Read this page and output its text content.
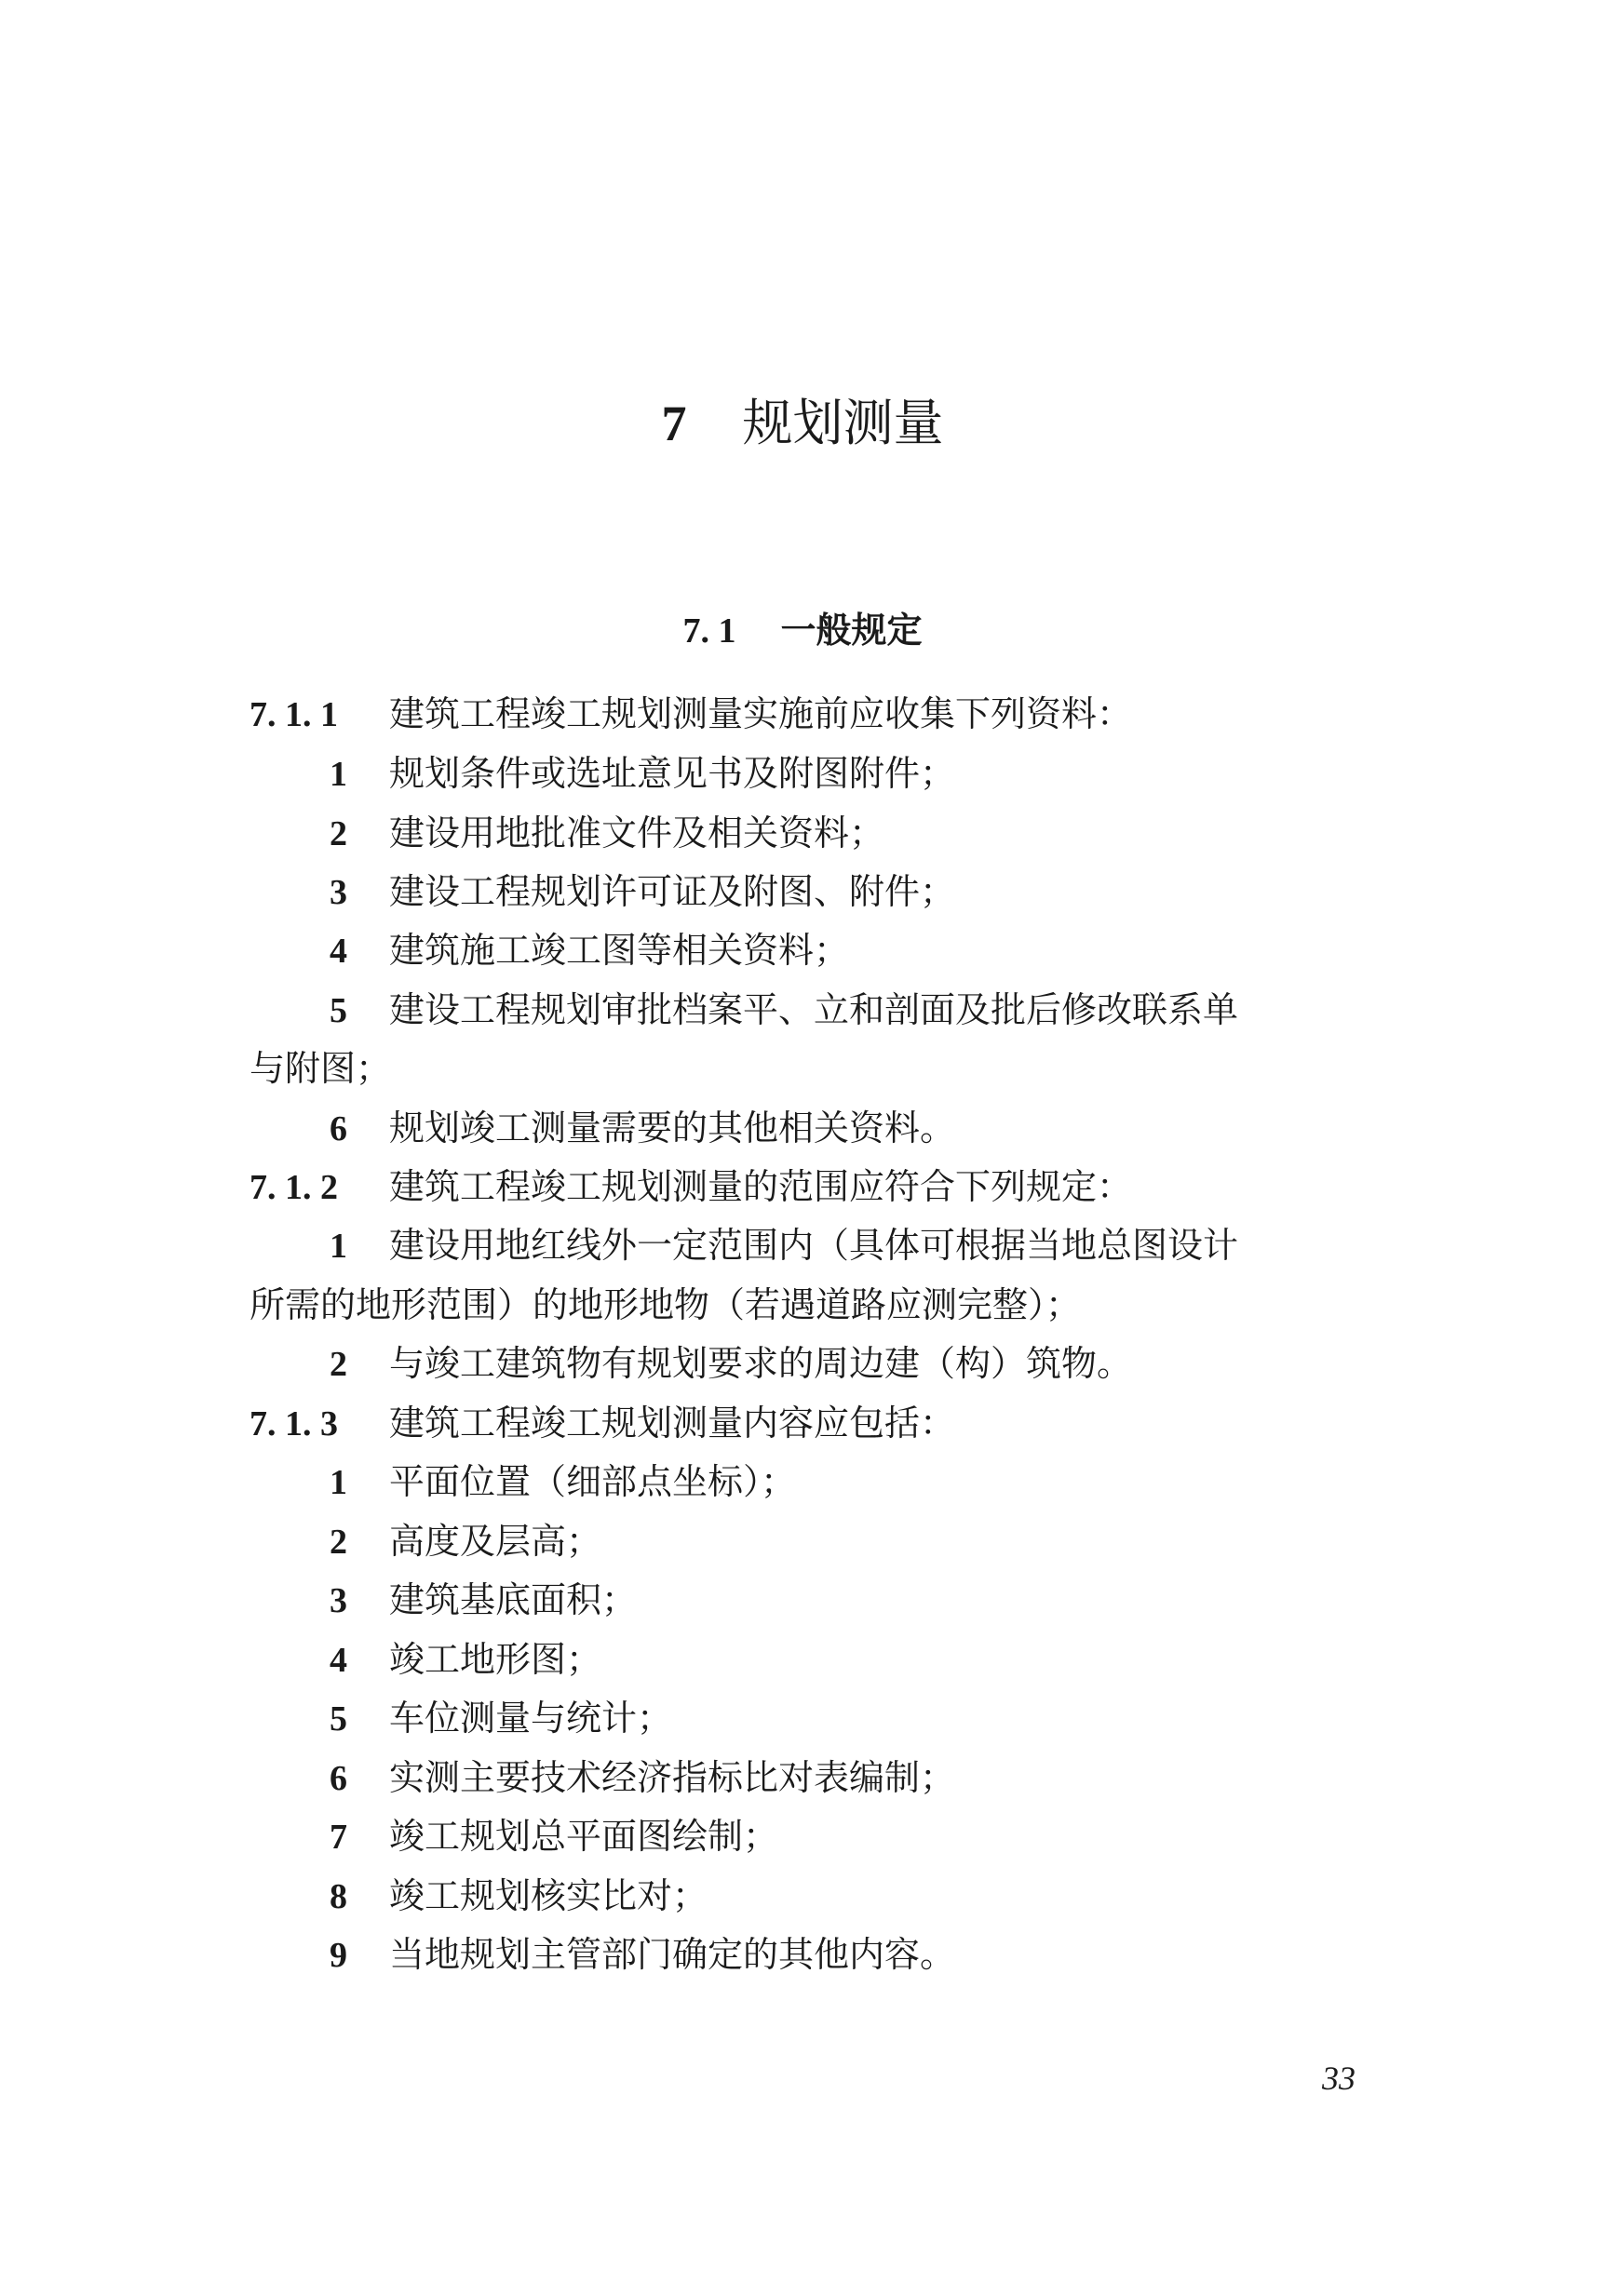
7 规划测量
7. 1 一般规定
7. 1. 1 建筑工程竣工规划测量实施前应收集下列资料：
1 规划条件或选址意见书及附图附件；
2 建设用地批准文件及相关资料；
3 建设工程规划许可证及附图、附件；
4 建筑施工竣工图等相关资料；
5 建设工程规划审批档案平、立和剖面及批后修改联系单
与附图；
6 规划竣工测量需要的其他相关资料。
7. 1. 2 建筑工程竣工规划测量的范围应符合下列规定：
1 建设用地红线外一定范围内（具体可根据当地总图设计
所需的地形范围）的地形地物（若遇道路应测完整）；
2 与竣工建筑物有规划要求的周边建（构）筑物。
7. 1. 3 建筑工程竣工规划测量内容应包括：
1 平面位置（细部点坐标）；
2 高度及层高；
3 建筑基底面积；
4 竣工地形图；
5 车位测量与统计；
6 实测主要技术经济指标比对表编制；
7 竣工规划总平面图绘制；
8 竣工规划核实比对；
9 当地规划主管部门确定的其他内容。
33
